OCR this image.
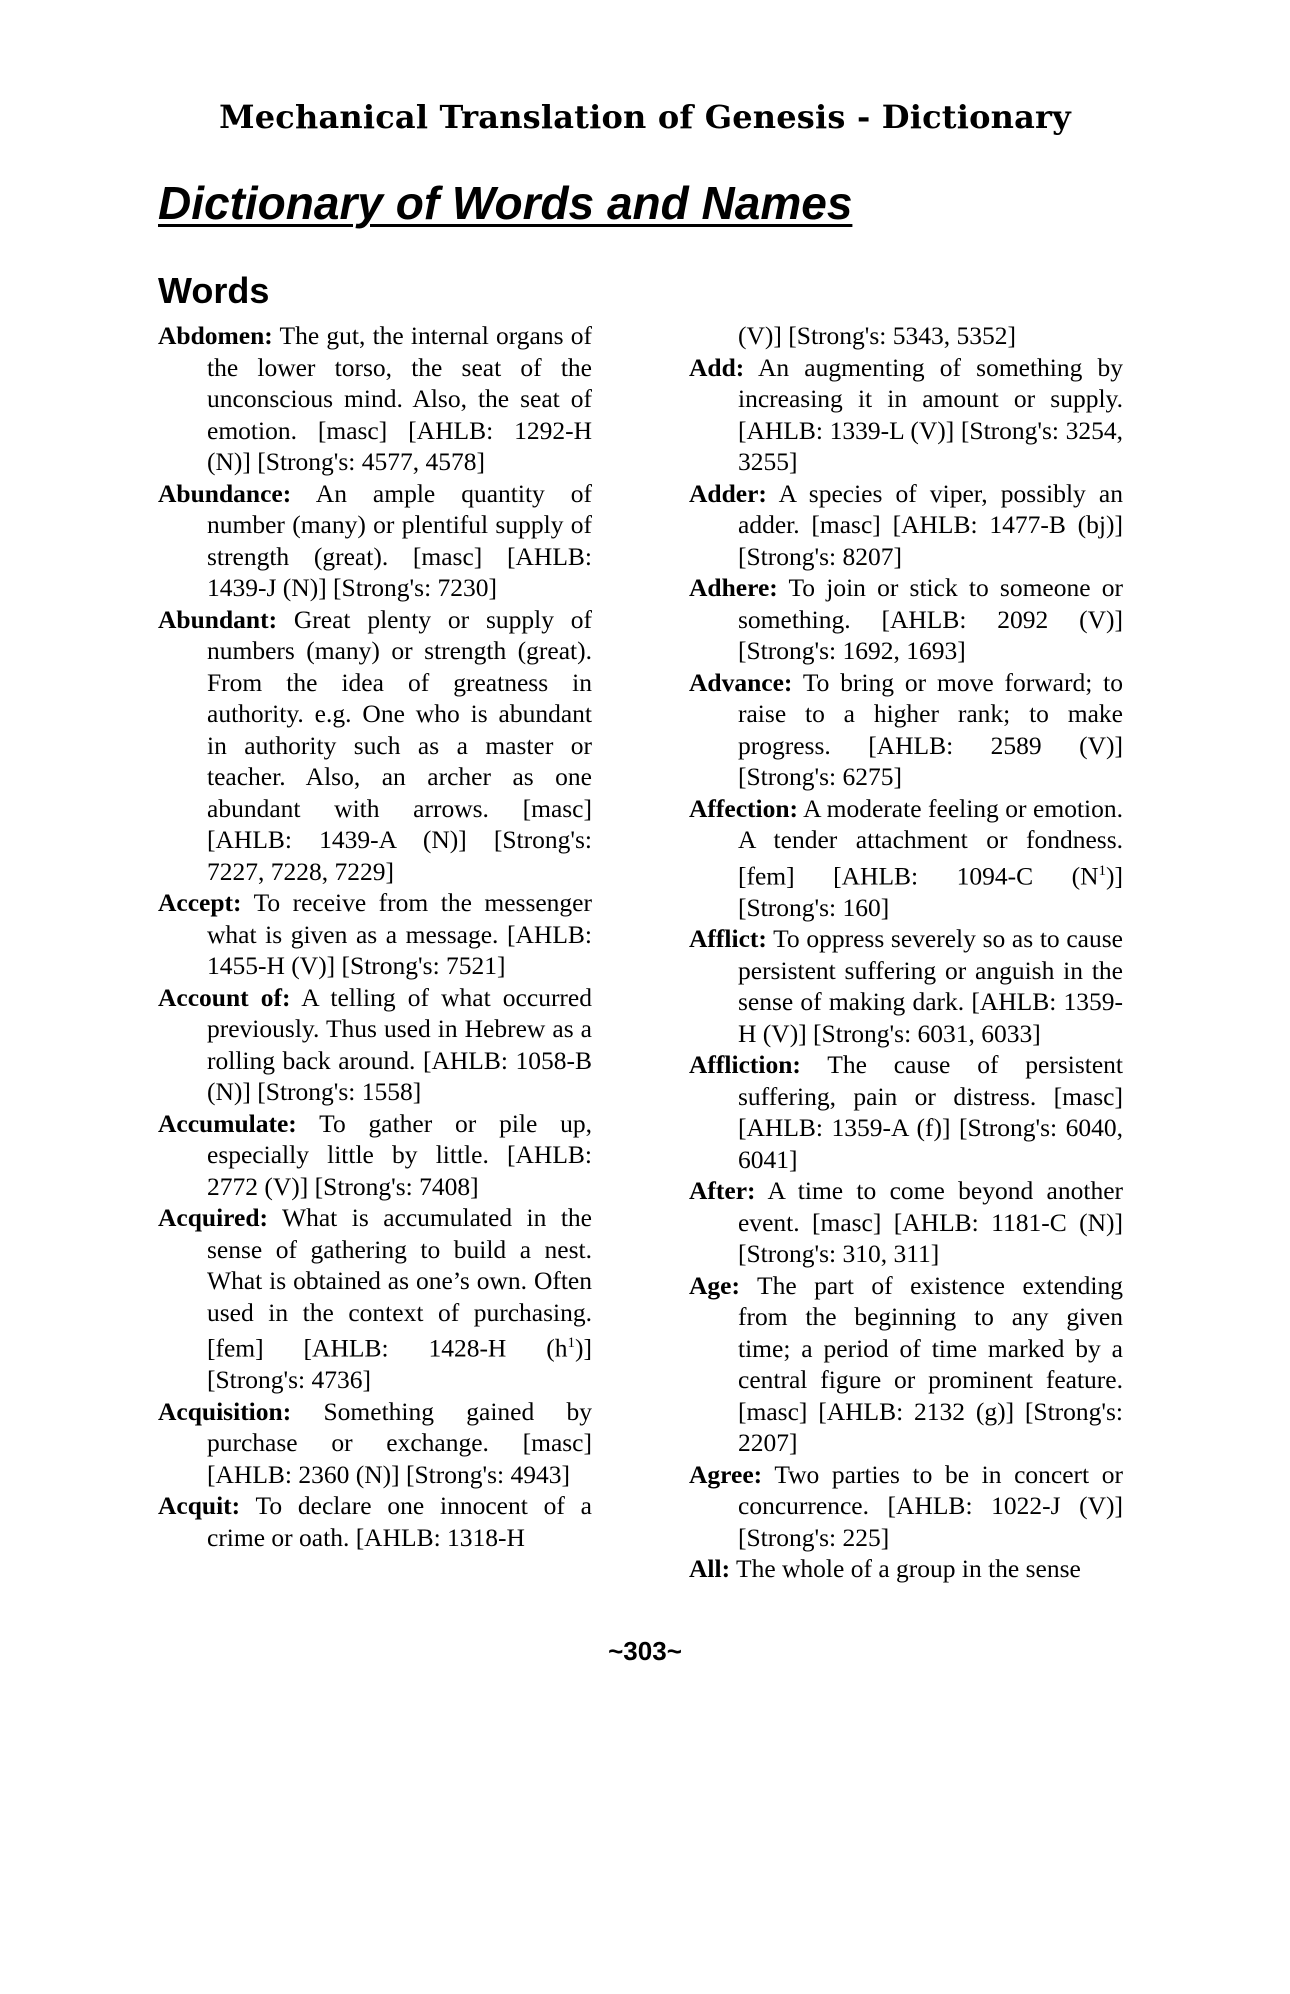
Mechanical Translation of Genesis - Dictionary
Dictionary of Words and Names
Words

Abdomen: The gut, the internal organs of the lower torso, the seat of the unconscious mind. Also, the seat of emotion. [masc] [AHLB: 1292-H (N)] [Strong's: 4577, 4578]

Abundance: An ample quantity of number (many) or plentiful supply of strength (great). [masc] [AHLB: 1439-J (N)] [Strong's: 7230]

Abundant: Great plenty or supply of numbers (many) or strength (great). From the idea of greatness in authority. e.g. One who is abundant in authority such as a master or teacher. Also, an archer as one abundant with arrows. [masc] [AHLB: 1439-A (N)] [Strong's: 7227, 7228, 7229]

Accept: To receive from the messenger what is given as a message. [AHLB: 1455-H (V)] [Strong's: 7521]

Account of: A telling of what occurred previously. Thus used in Hebrew as a rolling back around. [AHLB: 1058-B (N)] [Strong's: 1558]

Accumulate: To gather or pile up, especially little by little. [AHLB: 2772 (V)] [Strong's: 7408]

Acquired: What is accumulated in the sense of gathering to build a nest. What is obtained as one’s own. Often used in the context of purchasing. [fem] [AHLB: 1428-H $(h^1)$] [Strong's: 4736]

Acquisition: Something gained by purchase or exchange. [masc] [AHLB: 2360 (N)] [Strong's: 4943]

Acquit: To declare one innocent of a crime or oath. [AHLB: 1318-H

(V)] [Strong's: 5343, 5352]

Add: An augmenting of something by increasing it in amount or supply. [AHLB: 1339-L (V)] [Strong's: 3254, 3255]

Adder: A species of viper, possibly an adder. [masc] [AHLB: 1477-B (bj)] [Strong's: 8207]

Adhere: To join or stick to someone or something. [AHLB: 2092 (V)] [Strong's: 1692, 1693]

Advance: To bring or move forward; to raise to a higher rank; to make progress. [AHLB: 2589 (V)] [Strong's: 6275]

Affection: A moderate feeling or emotion. A tender attachment or fondness. [fem] [AHLB: 1094-C $(N^1)$] [Strong's: 160]

Afflict: To oppress severely so as to cause persistent suffering or anguish in the sense of making dark. [AHLB: 1359-H (V)] [Strong's: 6031, 6033]

Affliction: The cause of persistent suffering, pain or distress. [masc] [AHLB: 1359-A (f)] [Strong's: 6040, 6041]

After: A time to come beyond another event. [masc] [AHLB: 1181-C (N)] [Strong's: 310, 311]

Age: The part of existence extending from the beginning to any given time; a period of time marked by a central figure or prominent feature. [masc] [AHLB: 2132 (g)] [Strong's: 2207]

Agree: Two parties to be in concert or concurrence. [AHLB: 1022-J (V)] [Strong's: 225]

All: The whole of a group in the sense

~303~
